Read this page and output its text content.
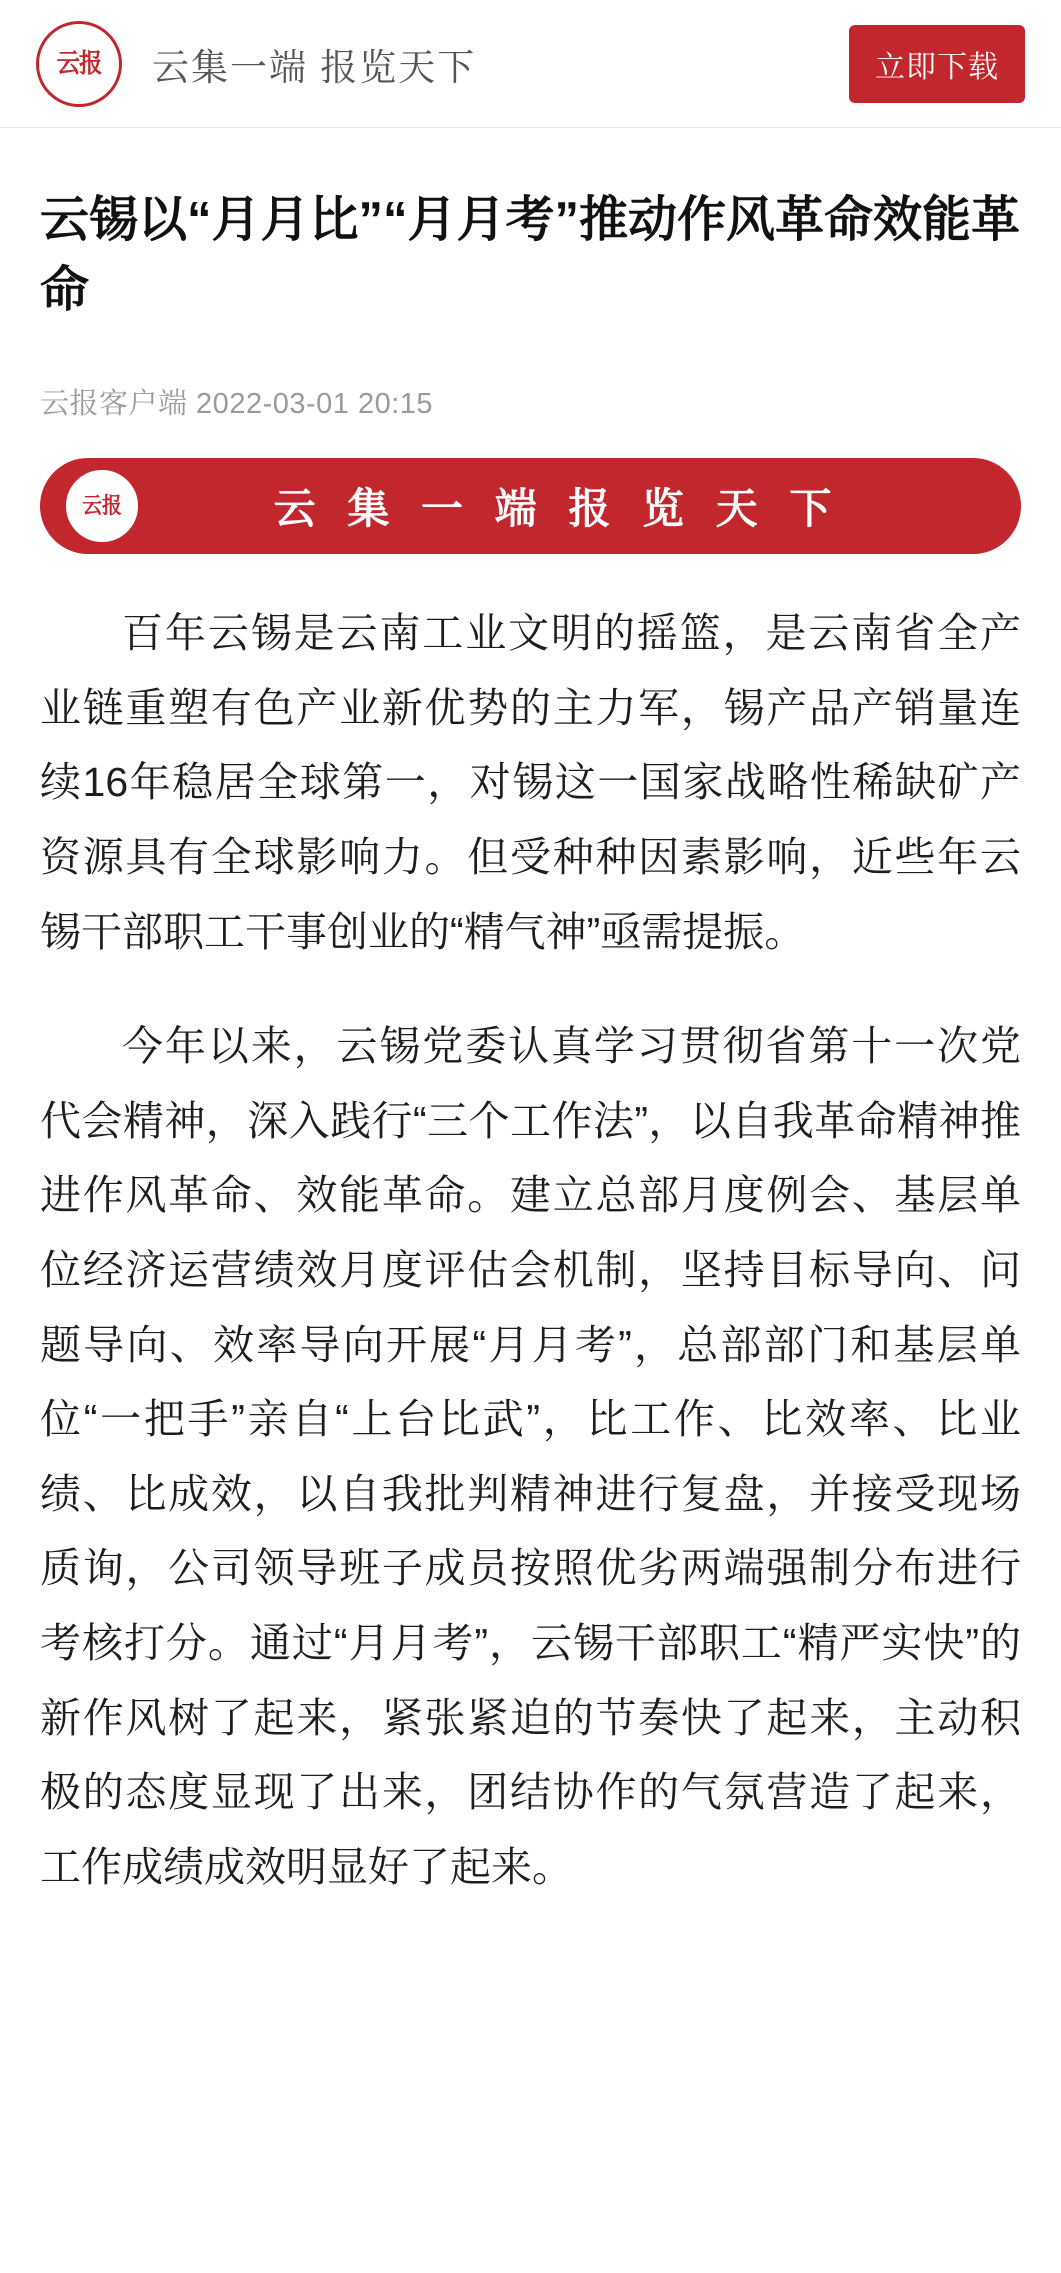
云报 云集一端 报览天下	立即下载
云锡以“月月比”“月月考”推动作风革命效能革命
云报客户端 2022-03-01 20:15
云报	云 集 一 端 报 览 天 下

百年云锡是云南工业文明的摇篮，是云南省全产业链重塑有色产业新优势的主力军，锡产品产销量连续16年稳居全球第一，对锡这一国家战略性稀缺矿产资源具有全球影响力。但受种种因素影响，近些年云锡干部职工干事创业的“精气神”亟需提振。

今年以来，云锡党委认真学习贯彻省第十一次党代会精神，深入践行“三个工作法”，以自我革命精神推进作风革命、效能革命。建立总部月度例会、基层单位经济运营绩效月度评估会机制，坚持目标导向、问题导向、效率导向开展“月月考”，总部部门和基层单位“一把手”亲自“上台比武”，比工作、比效率、比业绩、比成效，以自我批判精神进行复盘，并接受现场质询，公司领导班子成员按照优劣两端强制分布进行考核打分。通过“月月考”，云锡干部职工“精严实快”的新作风树了起来，紧张紧迫的节奏快了起来，主动积极的态度显现了出来，团结协作的气氛营造了起来，工作成绩成效明显好了起来。
